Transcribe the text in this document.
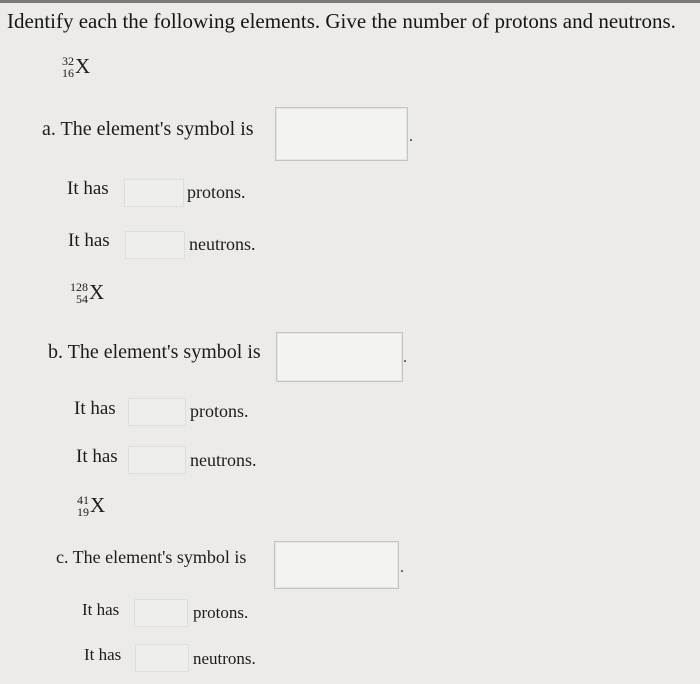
Identify each the following elements. Give the number of protons and neutrons.
32
16 X
a. The element's symbol is	.
It has	protons.
It has	neutrons.
128
54 X
b. The element's symbol is	.
It has	protons.
It has	neutrons.
41
19 X
c. The element's symbol is
.
It has	protons.
It has	neutrons.
